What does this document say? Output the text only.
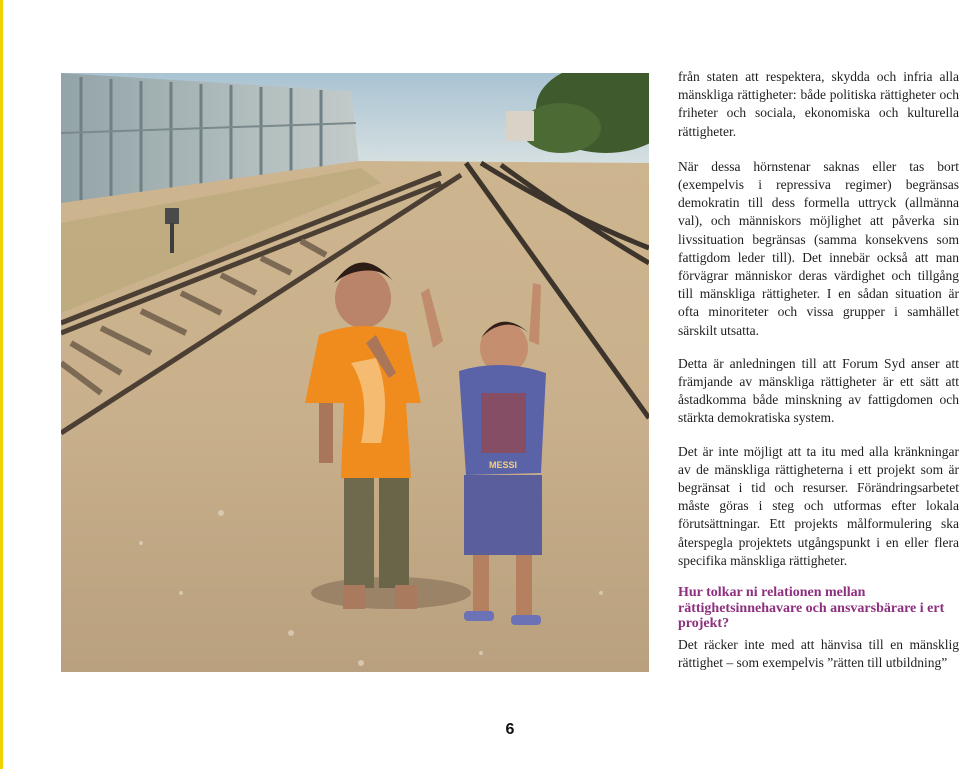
MESSI

från staten att respektera, skydda och infria alla mänskliga rättigheter: både politiska rättigheter och friheter och sociala, ekonomiska och kulturella rättigheter.

När dessa hörnstenar saknas eller tas bort (exempelvis i repressiva regimer) begränsas demokratin till dess formella uttryck (allmänna val), och människors möjlighet att påverka sin livssituation begränsas (samma konsekvens som fattigdom leder till). Det innebär också att man förvägrar människor deras värdighet och tillgång till mänskliga rättigheter. I en sådan situation är ofta minoriteter och vissa grupper i samhället särskilt utsatta.

Detta är anledningen till att Forum Syd anser att främjande av mänskliga rättigheter är ett sätt att åstadkomma både minskning av fattigdomen och stärkta demokratiska system.

Det är inte möjligt att ta itu med alla kränkningar av de mänskliga rättigheterna i ett projekt som är begränsat i tid och resurser. Förändringsarbetet måste göras i steg och utformas efter lokala förutsättningar. Ett projekts målformulering ska återspegla projektets utgångspunkt i en eller flera specifika mänskliga rättigheter.

Hur tolkar ni relationen mellan rättighetsinnehavare och ansvarsbärare i ert projekt?

Det räcker inte med att hänvisa till en mänsklig rättighet – som exempelvis ”rätten till utbildning”

6
